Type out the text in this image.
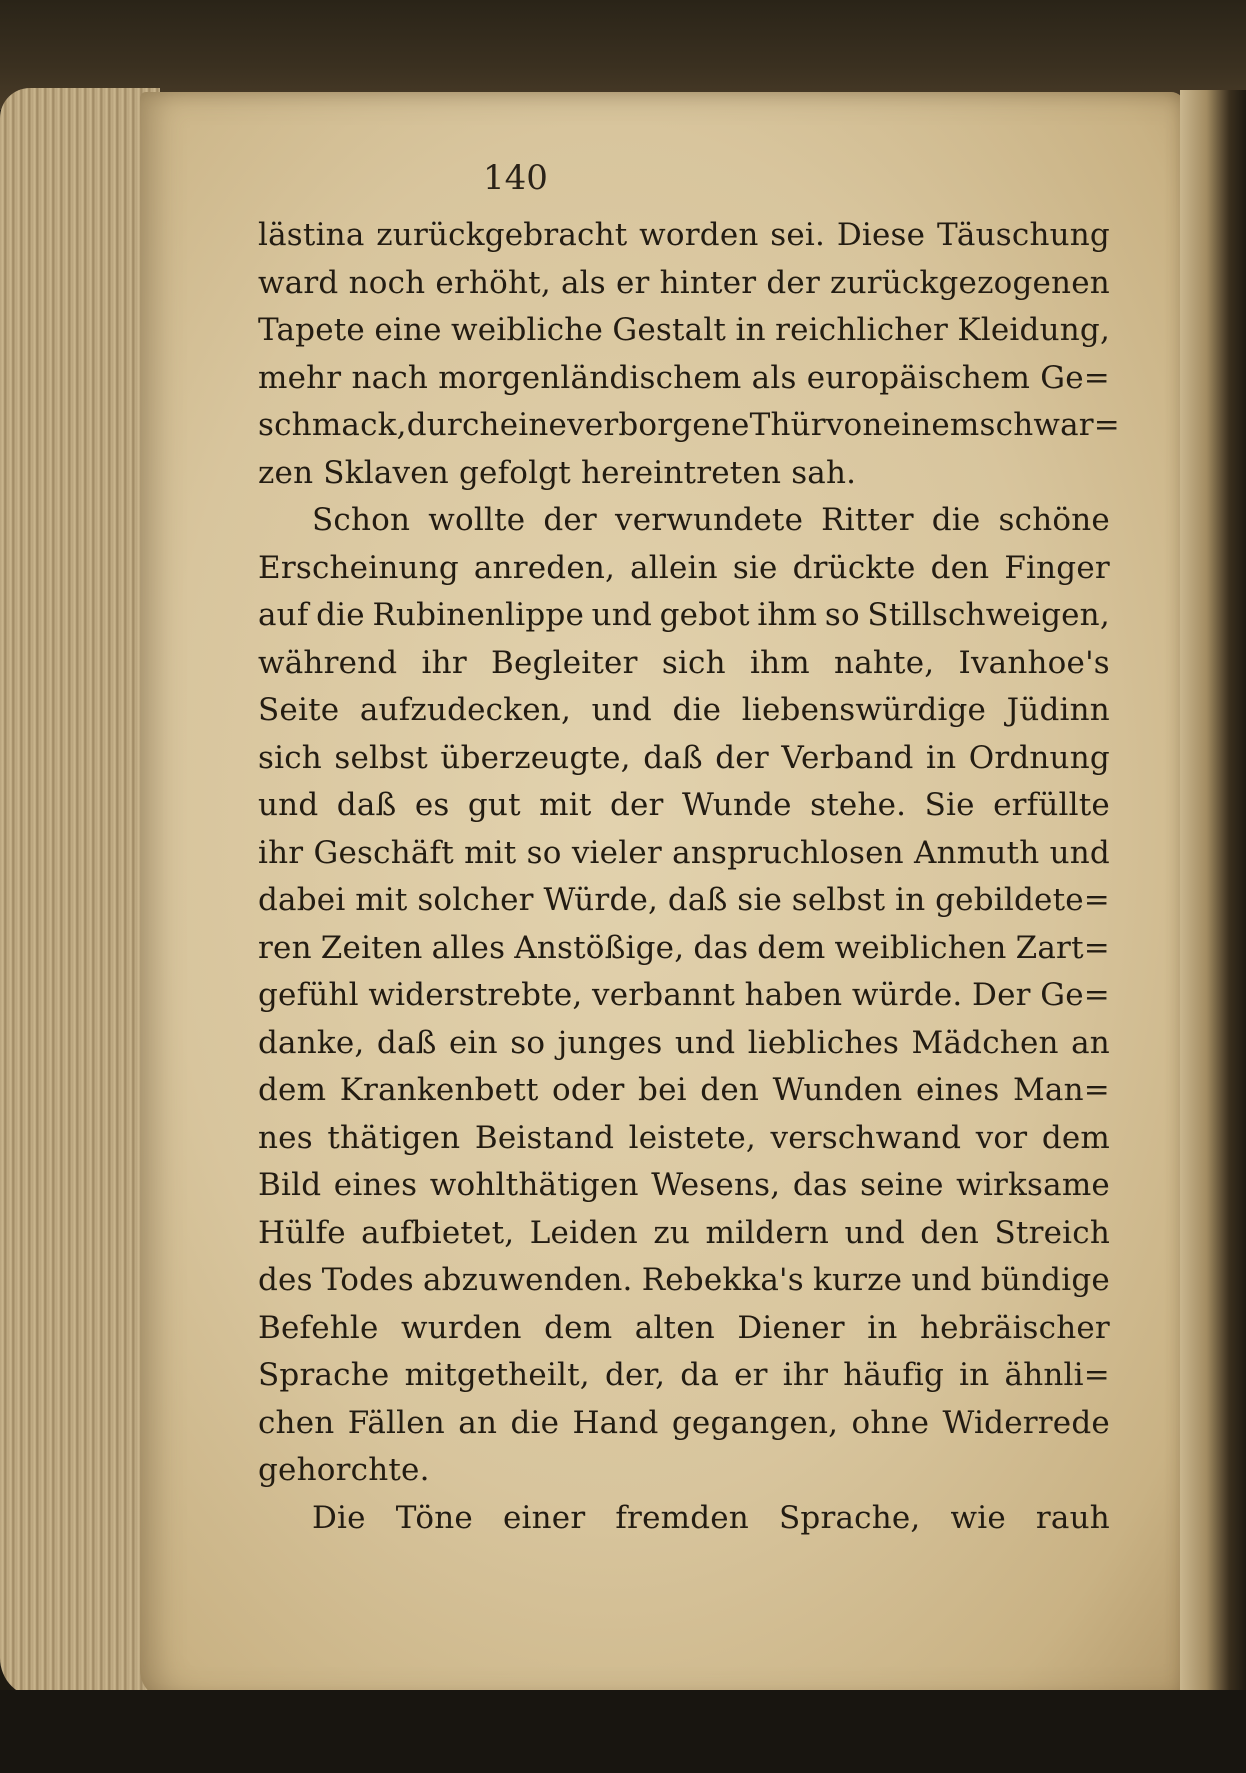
140
lästina zurückgebracht worden sei. Diese Täuschung
ward noch erhöht, als er hinter der zurückgezogenen
Tapete eine weibliche Gestalt in reichlicher Kleidung,
mehr nach morgenländischem als europäischem Ge=
schmack, durch eine verborgene Thür von einem schwar=
zen Sklaven gefolgt hereintreten sah.
Schon wollte der verwundete Ritter die schöne
Erscheinung anreden, allein sie drückte den Finger
auf die Rubinenlippe und gebot ihm so Stillschweigen,
während ihr Begleiter sich ihm nahte, Ivanhoe's
Seite aufzudecken, und die liebenswürdige Jüdinn
sich selbst überzeugte, daß der Verband in Ordnung
und daß es gut mit der Wunde stehe. Sie erfüllte
ihr Geschäft mit so vieler anspruchlosen Anmuth und
dabei mit solcher Würde, daß sie selbst in gebildete=
ren Zeiten alles Anstößige, das dem weiblichen Zart=
gefühl widerstrebte, verbannt haben würde. Der Ge=
danke, daß ein so junges und liebliches Mädchen an
dem Krankenbett oder bei den Wunden eines Man=
nes thätigen Beistand leistete, verschwand vor dem
Bild eines wohlthätigen Wesens, das seine wirksame
Hülfe aufbietet, Leiden zu mildern und den Streich
des Todes abzuwenden. Rebekka's kurze und bündige
Befehle wurden dem alten Diener in hebräischer
Sprache mitgetheilt, der, da er ihr häufig in ähnli=
chen Fällen an die Hand gegangen, ohne Widerrede
gehorchte.
Die Töne einer fremden Sprache, wie rauh
